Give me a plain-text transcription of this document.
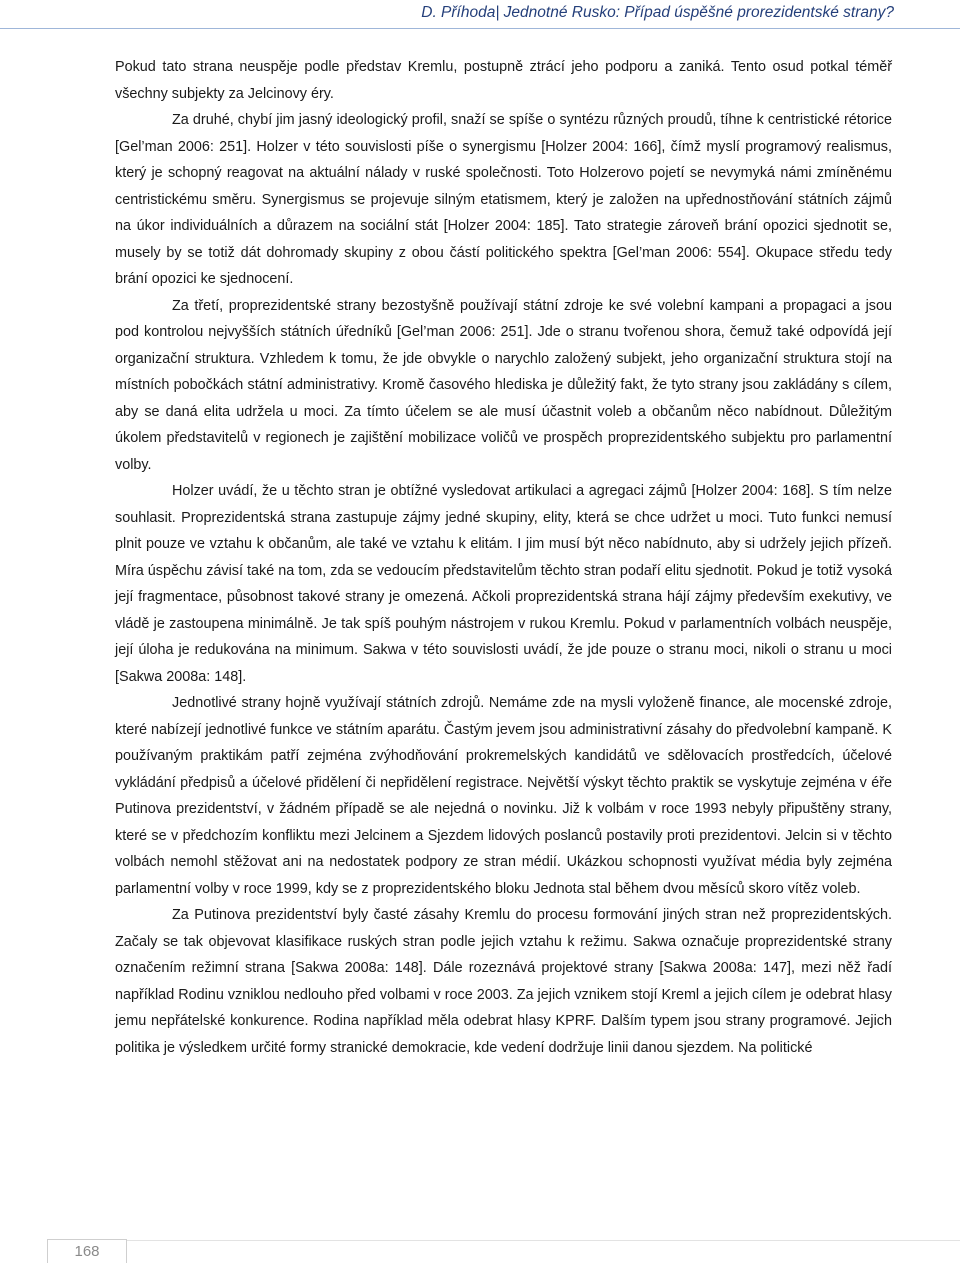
D. Příhoda| Jednotné Rusko: Případ úspěšné prorezidentské strany?

Pokud tato strana neuspěje podle představ Kremlu, postupně ztrácí jeho podporu a zaniká. Tento osud potkal téměř všechny subjekty za Jelcinovy éry.

Za druhé, chybí jim jasný ideologický profil, snaží se spíše o syntézu různých proudů, tíhne k centristické rétorice [Gel’man 2006: 251]. Holzer v této souvislosti píše o synergismu [Holzer 2004: 166], čímž myslí programový realismus, který je schopný reagovat na aktuální nálady v ruské společnosti. Toto Holzerovo pojetí se nevymyká námi zmíněnému centristickému směru. Synergismus se projevuje silným etatismem, který je založen na upřednostňování státních zájmů na úkor individuálních a důrazem na sociální stát [Holzer 2004: 185]. Tato strategie zároveň brání opozici sjednotit se, musely by se totiž dát dohromady skupiny z obou částí politického spektra [Gel’man 2006: 554]. Okupace středu tedy brání opozici ke sjednocení.

Za třetí, proprezidentské strany bezostyšně používají státní zdroje ke své volební kampani a propagaci a jsou pod kontrolou nejvyšších státních úředníků [Gel’man 2006: 251]. Jde o stranu tvořenou shora, čemuž také odpovídá její organizační struktura. Vzhledem k tomu, že jde obvykle o narychlo založený subjekt, jeho organizační struktura stojí na místních pobočkách státní administrativy. Kromě časového hlediska je důležitý fakt, že tyto strany jsou zakládány s cílem, aby se daná elita udržela u moci. Za tímto účelem se ale musí účastnit voleb a občanům něco nabídnout. Důležitým úkolem představitelů v regionech je zajištění mobilizace voličů ve prospěch proprezidentského subjektu pro parlamentní volby.

Holzer uvádí, že u těchto stran je obtížné vysledovat artikulaci a agregaci zájmů [Holzer 2004: 168]. S tím nelze souhlasit. Proprezidentská strana zastupuje zájmy jedné skupiny, elity, která se chce udržet u moci. Tuto funkci nemusí plnit pouze ve vztahu k občanům, ale také ve vztahu k elitám. I jim musí být něco nabídnuto, aby si udržely jejich přízeň. Míra úspěchu závisí také na tom, zda se vedoucím představitelům těchto stran podaří elitu sjednotit. Pokud je totiž vysoká její fragmentace, působnost takové strany je omezená. Ačkoli proprezidentská strana hájí zájmy především exekutivy, ve vládě je zastoupena minimálně. Je tak spíš pouhým nástrojem v rukou Kremlu. Pokud v parlamentních volbách neuspěje, její úloha je redukována na minimum. Sakwa v této souvislosti uvádí, že jde pouze o stranu moci, nikoli o stranu u moci [Sakwa 2008a: 148].

Jednotlivé strany hojně využívají státních zdrojů. Nemáme zde na mysli vyloženě finance, ale mocenské zdroje, které nabízejí jednotlivé funkce ve státním aparátu. Častým jevem jsou administrativní zásahy do předvolební kampaně. K používaným praktikám patří zejména zvýhodňování prokremelských kandidátů ve sdělovacích prostředcích, účelové vykládání předpisů a účelové přidělení či nepřidělení registrace. Největší výskyt těchto praktik se vyskytuje zejména v éře Putinova prezidentství, v žádném případě se ale nejedná o novinku. Již k volbám v roce 1993 nebyly připuštěny strany, které se v předchozím konfliktu mezi Jelcinem a Sjezdem lidových poslanců postavily proti prezidentovi. Jelcin si v těchto volbách nemohl stěžovat ani na nedostatek podpory ze stran médií. Ukázkou schopnosti využívat média byly zejména parlamentní volby v roce 1999, kdy se z proprezidentského bloku Jednota stal během dvou měsíců skoro vítěz voleb.

Za Putinova prezidentství byly časté zásahy Kremlu do procesu formování jiných stran než proprezidentských. Začaly se tak objevovat klasifikace ruských stran podle jejich vztahu k režimu. Sakwa označuje proprezidentské strany označením režimní strana [Sakwa 2008a: 148]. Dále rozeznává projektové strany [Sakwa 2008a: 147], mezi něž řadí například Rodinu vzniklou nedlouho před volbami v roce 2003. Za jejich vznikem stojí Kreml a jejich cílem je odebrat hlasy jemu nepřátelské konkurence. Rodina například měla odebrat hlasy KPRF. Dalším typem jsou strany programové. Jejich politika je výsledkem určité formy stranické demokracie, kde vedení dodržuje linii danou sjezdem. Na politické

168
